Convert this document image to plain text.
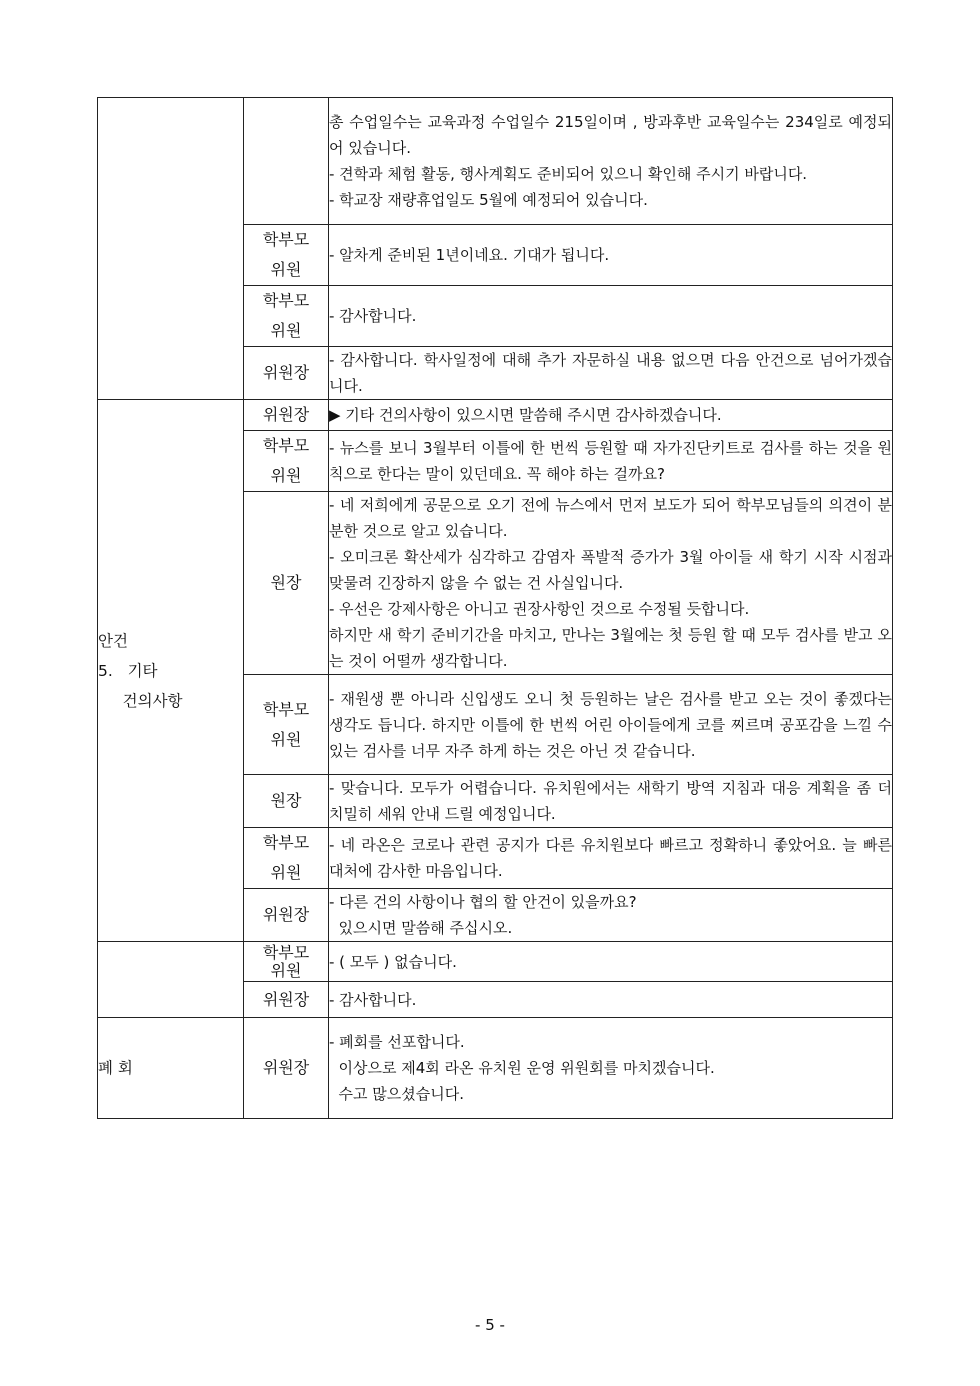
		총 수업일수는 교육과정 수업일수 215일이며 , 방과후반 교육일수는 234일로 예정되어 있습니다.
- 견학과 체험 활동, 행사계획도 준비되어 있으니 확인해 주시기 바랍니다.
- 학교장 재량휴업일도 5월에 예정되어 있습니다.

	학부모
위원	- 알차게 준비된 1년이네요. 기대가 됩니다.

	학부모
위원	- 감사합니다.

	위원장	- 감사합니다. 학사일정에 대해 추가 자문하실 내용 없으면 다음 안건으로 넘어가겠습니다.

안건
5.   기타
건의사항	위원장	▶ 기타 건의사항이 있으시면 말씀해 주시면 감사하겠습니다.

	학부모
위원	- 뉴스를 보니 3월부터 이틀에 한 번씩 등원할 때 자가진단키트로 검사를 하는 것을 원칙으로 한다는 말이 있던데요. 꼭 해야 하는 걸까요?

	원장	- 네 저희에게 공문으로 오기 전에 뉴스에서 먼저 보도가 되어 학부모님들의 의견이 분분한 것으로 알고 있습니다.
- 오미크론 확산세가 심각하고 감염자 폭발적 증가가 3월 아이들 새 학기 시작 시점과 맞물려 긴장하지 않을 수 없는 건 사실입니다.
- 우선은 강제사항은 아니고 권장사항인 것으로 수정될 듯합니다.
하지만 새 학기 준비기간을 마치고, 만나는 3월에는 첫 등원 할 때 모두 검사를 받고 오는 것이 어떨까 생각합니다.

	학부모
위원	- 재원생 뿐 아니라 신입생도 오니 첫 등원하는 날은 검사를 받고 오는 것이 좋겠다는 생각도 듭니다. 하지만 이틀에 한 번씩 어린 아이들에게 코를 찌르며 공포감을 느낄 수 있는 검사를 너무 자주 하게 하는 것은 아닌 것 같습니다.

	원장	- 맞습니다. 모두가 어렵습니다. 유치원에서는 새학기 방역 지침과 대응 계획을 좀 더 치밀히 세워 안내 드릴 예정입니다.

	학부모
위원	- 네 라온은 코로나 관련 공지가 다른 유치원보다 빠르고 정확하니 좋았어요. 늘 빠른 대처에 감사한 마음입니다.

	위원장	- 다른 건의 사항이나 협의 할 안건이 있을까요?
있으시면 말씀해 주십시오.

	학부모
위원	- ( 모두 ) 없습니다.

	위원장	- 감사합니다.

폐 회	위원장	- 폐회를 선포합니다.
이상으로 제4회 라온 유치원 운영 위원회를 마치겠습니다.
수고 많으셨습니다.
- 5 -
